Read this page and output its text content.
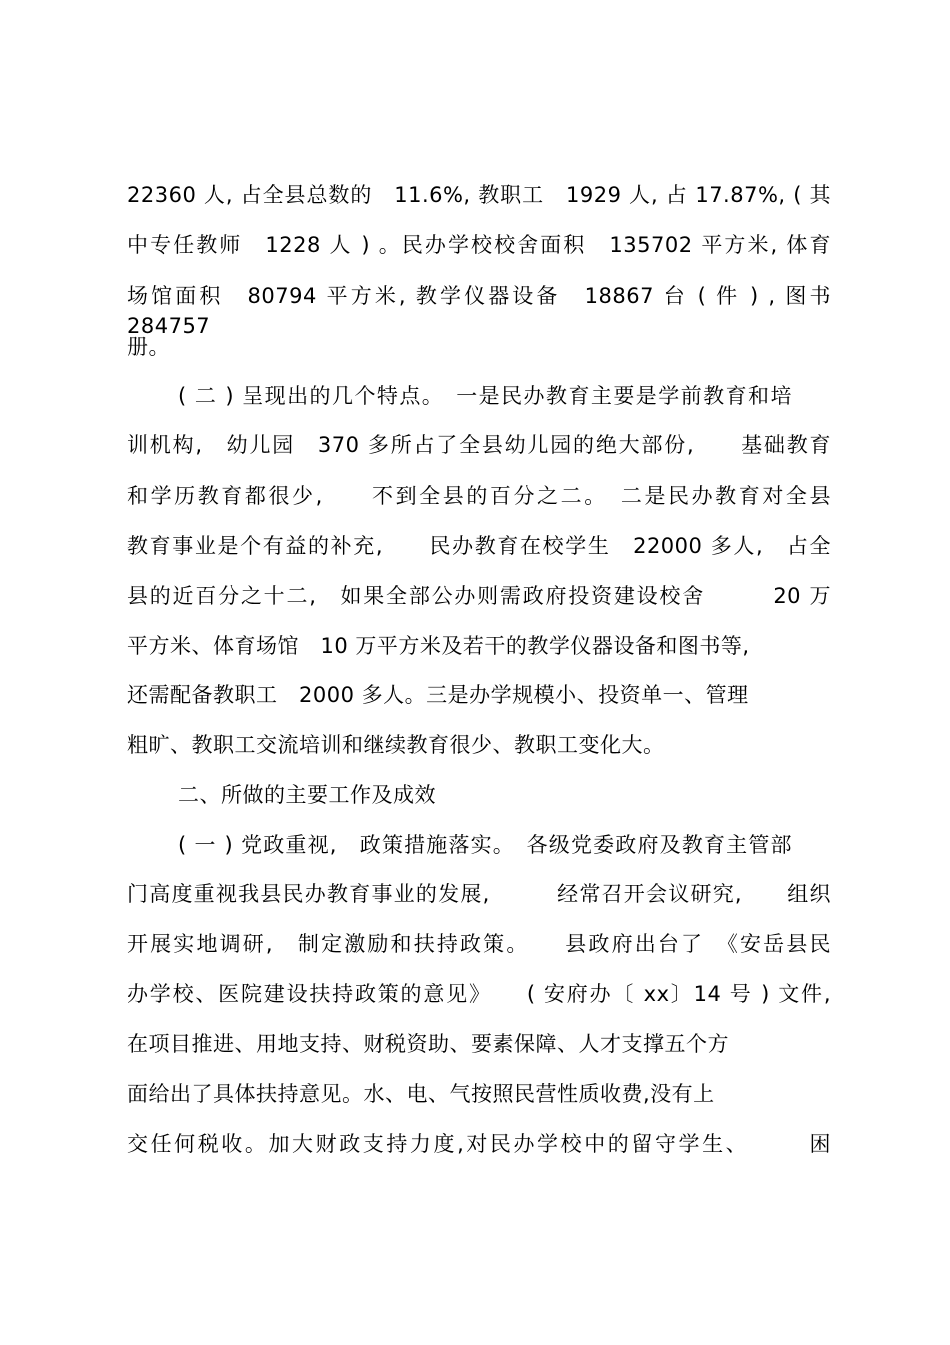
22360 人, 占全县总数的　11.6%, 教职工　1929 人, 占 17.87%, ( 其
中专任教师　1228 人 ) 。民办学校校舍面积　135702 平方米, 体育
场馆面积　80794 平方米, 教学仪器设备　18867 台 ( 件 ) , 图书 284757
册。
( 二 ) 呈现出的几个特点。　一是民办教育主要是学前教育和培
训机构,　幼儿园　370 多所占了全县幼儿园的绝大部份,　　基础教育
和学历教育都很少,　　不到全县的百分之二。　二是民办教育对全县
教育事业是个有益的补充,　　民办教育在校学生　22000 多人,　占全
县的近百分之十二,　如果全部公办则需政府投资建设校舍　　　20 万
平方米、体育场馆　10 万平方米及若干的教学仪器设备和图书等,
还需配备教职工　2000 多人。三是办学规模小、投资单一、管理
粗旷、教职工交流培训和继续教育很少、教职工变化大。
二、所做的主要工作及成效
( 一 ) 党政重视,　政策措施落实。　各级党委政府及教育主管部
门高度重视我县民办教育事业的发展,　　　经常召开会议研究,　　组织
开展实地调研,　制定激励和扶持政策。　　县政府出台了　《安岳县民
办学校、医院建设扶持政策的意见》　　( 安府办〔 xx〕14 号 ) 文件,
在项目推进、用地支持、财税资助、要素保障、人才支撑五个方
面给出了具体扶持意见。水、电、气按照民营性质收费,没有上
交任何税收。加大财政支持力度,对民办学校中的留守学生、　　　困
